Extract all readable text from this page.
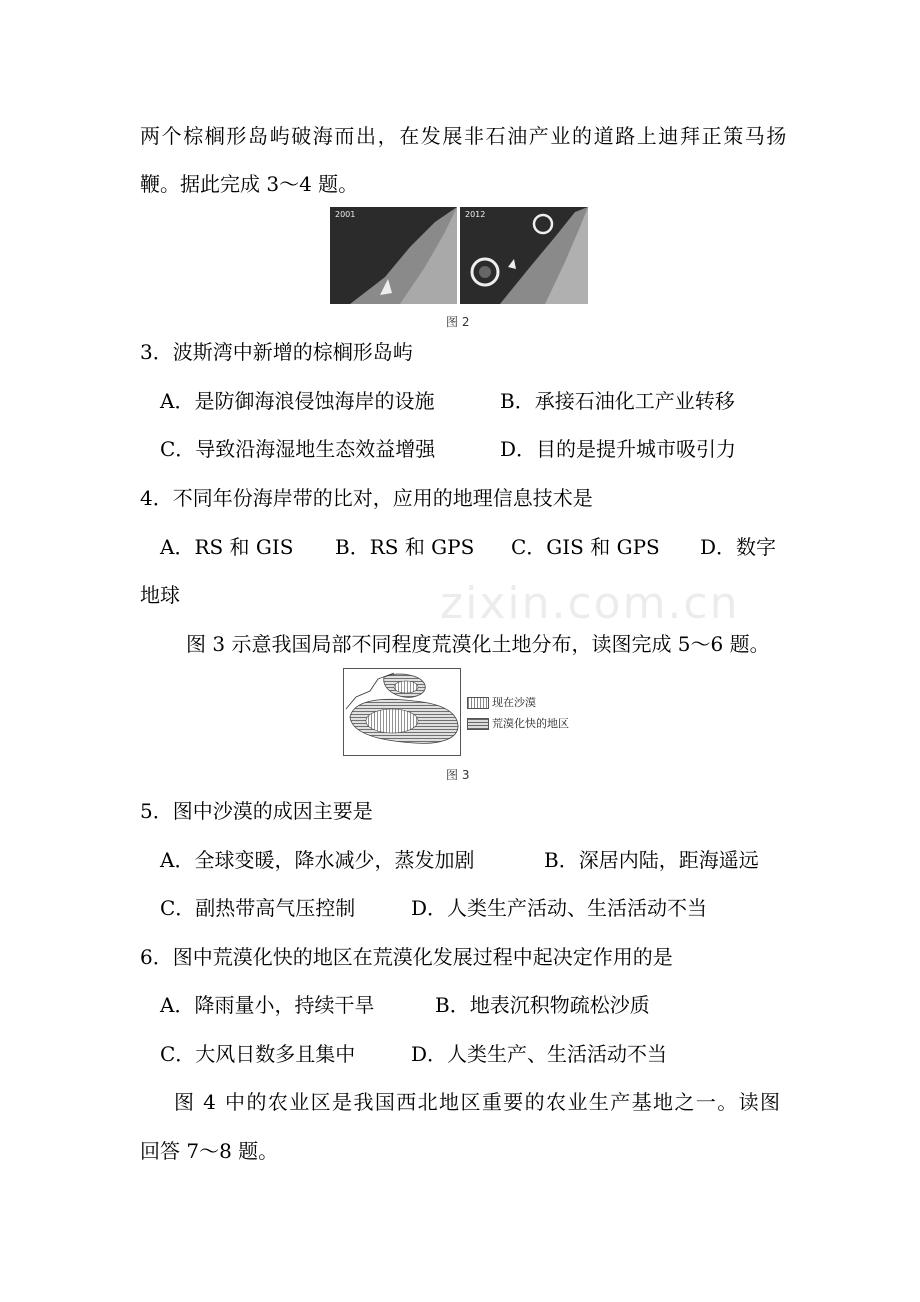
zixin.com.cn
两个棕榈形岛屿破海而出，在发展非石油产业的道路上迪拜正策马扬
鞭。据此完成 3～4 题。
2001	2012
图 2
3．波斯湾中新增的棕榈形岛屿
A．是防御海浪侵蚀海岸的设施	B．承接石油化工产业转移
C．导致沿海湿地生态效益增强	D．目的是提升城市吸引力
4．不同年份海岸带的比对，应用的地理信息技术是
A．RS 和 GIS B．RS 和 GPS C．GIS 和 GPS D．数字
地球
图 3 示意我国局部不同程度荒漠化土地分布，读图完成 5～6 题。
现在沙漠
荒漠化快的地区
图 3
5．图中沙漠的成因主要是
A．全球变暖，降水减少，蒸发加剧	B．深居内陆，距海遥远
C．副热带高气压控制	D．人类生产活动、生活活动不当
6．图中荒漠化快的地区在荒漠化发展过程中起决定作用的是
A．降雨量小，持续干旱	B．地表沉积物疏松沙质
C．大风日数多且集中	D．人类生产、生活活动不当
图 4 中的农业区是我国西北地区重要的农业生产基地之一。读图
回答 7～8 题。
